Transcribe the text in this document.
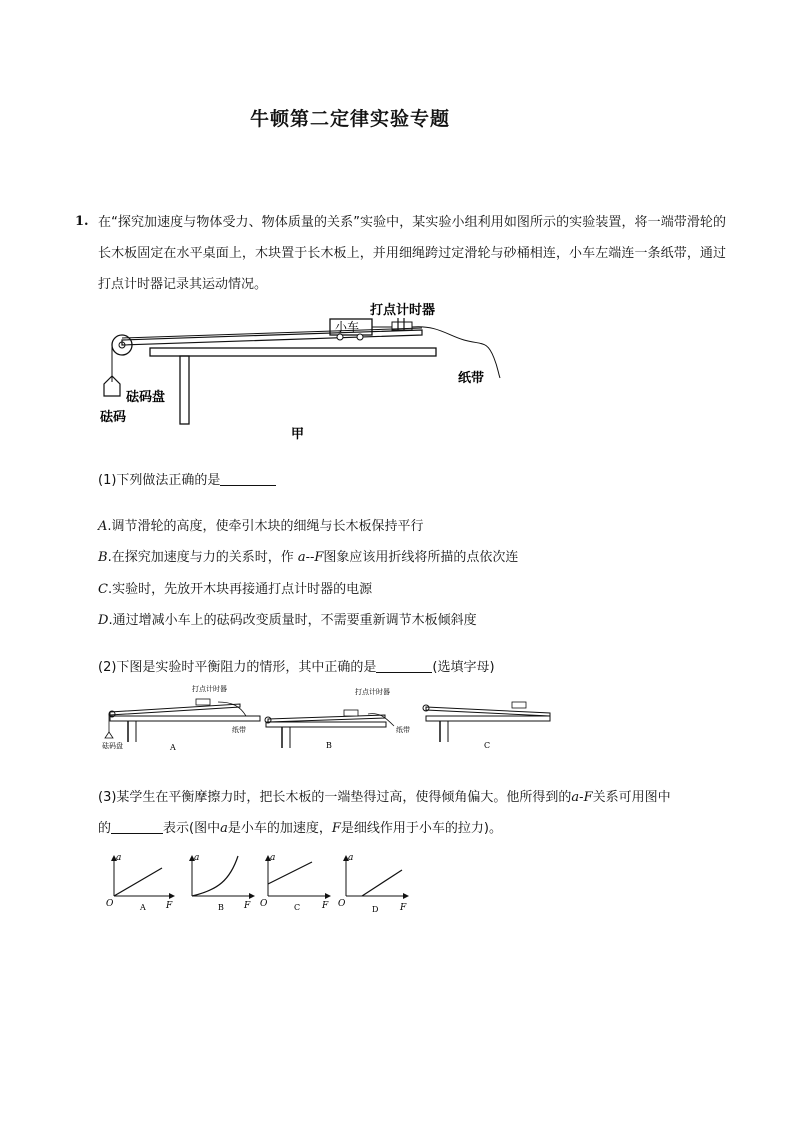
牛顿第二定律实验专题
1. 在“探究加速度与物体受力、物体质量的关系”实验中，某实验小组利用如图所示的实验装置，将一端带滑轮的长木板固定在水平桌面上，木块置于长木板上，并用细绳跨过定滑轮与砂桶相连，小车左端连一条纸带，通过打点计时器记录其运动情况。
砝码盘
砝码
小车
打点计时器
纸带
甲
(1)下列做法正确的是
A.调节滑轮的高度，使牵引木块的细绳与长木板保持平行
B.在探究加速度与力的关系时，作 a--F图象应该用折线将所描的点依次连
C.实验时，先放开木块再接通打点计时器的电源
D.通过增减小车上的砝码改变质量时，不需要重新调节木板倾斜度
(2)下图是实验时平衡阻力的情形，其中正确的是	(选填字母)
打点计时器
纸带
砝码盘	A
打点计时器
纸带
B	C
(3)某学生在平衡摩擦力时，把长木板的一端垫得过高，使得倾角偏大。他所得到的a-F关系可用图中
的	表示(图中a是小车的加速度，F是细线作用于小车的拉力)。
a
O	A F
a
B F
a
O	C F
a
O
D F
